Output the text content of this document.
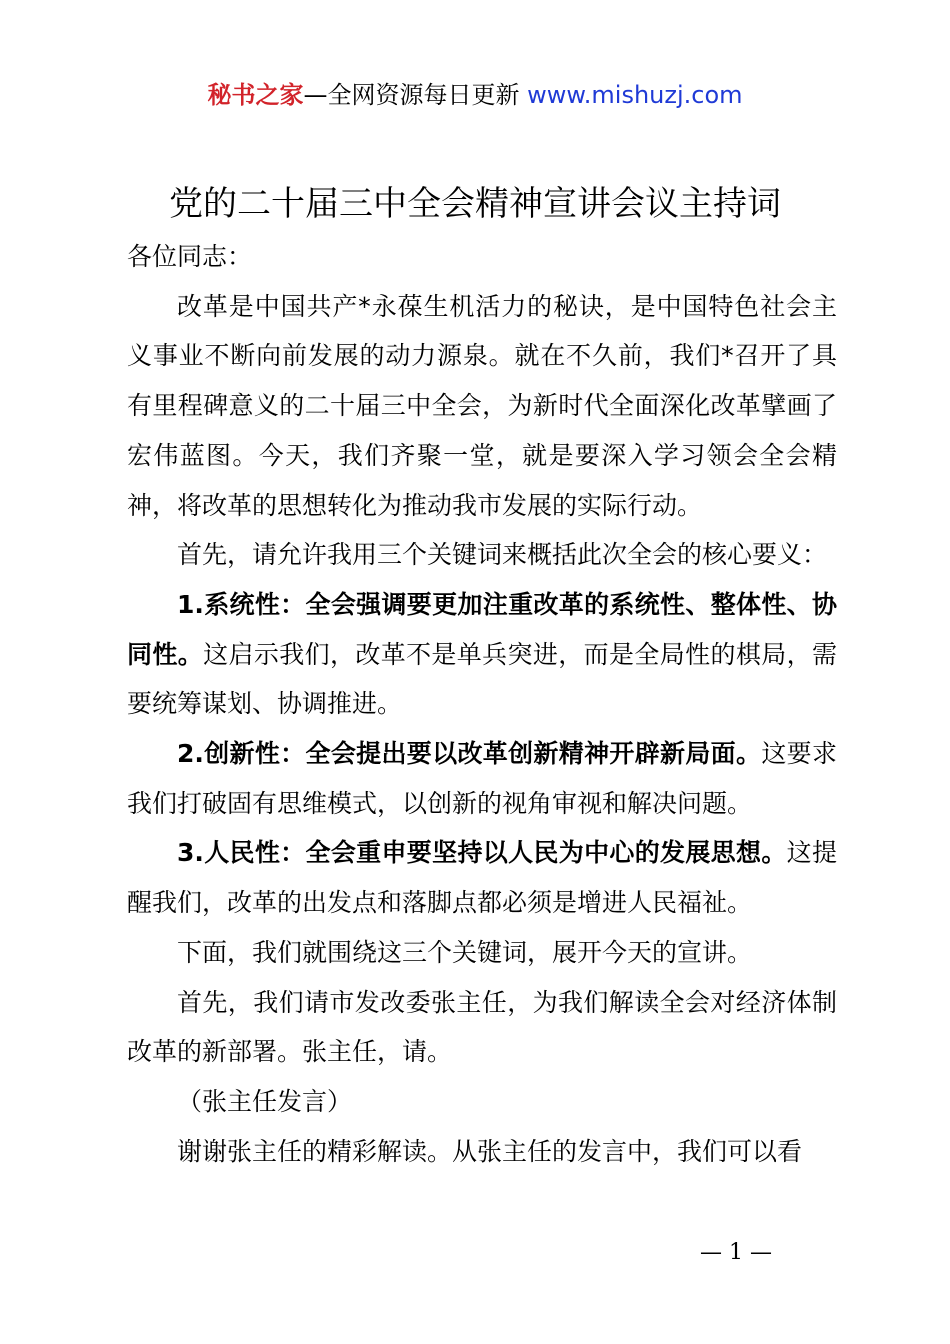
秘书之家—全网资源每日更新 www.mishuzj.com
党的二十届三中全会精神宣讲会议主持词

各位同志：

改革是中国共产*永葆生机活力的秘诀，是中国特色社会主义事业不断向前发展的动力源泉。就在不久前，我们*召开了具有里程碑意义的二十届三中全会，为新时代全面深化改革擘画了宏伟蓝图。今天，我们齐聚一堂，就是要深入学习领会全会精神，将改革的思想转化为推动我市发展的实际行动。

首先，请允许我用三个关键词来概括此次全会的核心要义：

1.系统性：全会强调要更加注重改革的系统性、整体性、协同性。这启示我们，改革不是单兵突进，而是全局性的棋局，需要统筹谋划、协调推进。

2.创新性：全会提出要以改革创新精神开辟新局面。这要求我们打破固有思维模式，以创新的视角审视和解决问题。

3.人民性：全会重申要坚持以人民为中心的发展思想。这提醒我们，改革的出发点和落脚点都必须是增进人民福祉。

下面，我们就围绕这三个关键词，展开今天的宣讲。

首先，我们请市发改委张主任，为我们解读全会对经济体制改革的新部署。张主任，请。

（张主任发言）

谢谢张主任的精彩解读。从张主任的发言中，我们可以看

— 1 —
